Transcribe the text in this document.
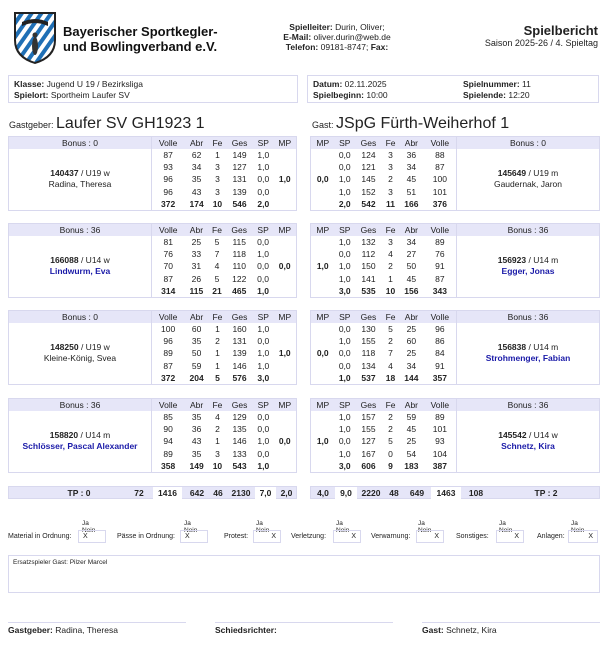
Bayerischer Sportkegler-
und Bowlingverband e.V.
Spielleiter: Durin, Oliver;
E-Mail: oliver.durin@web.de
Telefon: 09181-8747; Fax:
Spielbericht
Saison 2025-26 / 4. Spieltag
Klasse: Jugend U 19 / Bezirksliga
Spielort: Sportheim Laufer SV
Datum: 02.11.2025
Spielbeginn: 10:00
Spielnummer: 11
Spielende: 12:20
Gastgeber: Laufer SV GH1923 1	Gast: JSpG Fürth-Weiherhof 1
Bonus : 0	Volle	Abr	Fe	Ges	SP	MP

140437 / U19 w
Radina, Theresa	87	62	1	149	1,0	1,0
	93	34	3	127	1,0	
	96	35	3	131	0,0	
	96	43	3	139	0,0	
	372	174	10	546	2,0	
Bonus : 36	Volle	Abr	Fe	Ges	SP	MP

166088 / U14 w
Lindwurm, Eva	81	25	5	115	0,0	0,0
	76	33	7	118	1,0	
	70	31	4	110	0,0	
	87	26	5	122	0,0	
	314	115	21	465	1,0	
Bonus : 0	Volle	Abr	Fe	Ges	SP	MP

148250 / U19 w
Kleine-König, Svea	100	60	1	160	1,0	1,0
	96	35	2	131	0,0	
	89	50	1	139	1,0	
	87	59	1	146	1,0	
	372	204	5	576	3,0	
Bonus : 36	Volle	Abr	Fe	Ges	SP	MP

158820 / U14 m
Schlösser, Pascal Alexander	85	35	4	129	0,0	0,0
	90	36	2	135	0,0	
	94	43	1	146	1,0	
	89	35	3	133	0,0	
	358	149	10	543	1,0	
MP	SP	Ges	Fe	Abr	Volle	Bonus : 0
0,0	0,0	124	3	36	88	145649 / U19 m
Gaudernak, Jaron

	0,0	121	3	34	87	
	1,0	145	2	45	100	
	1,0	152	3	51	101	
	2,0	542	11	166	376	
MP	SP	Ges	Fe	Abr	Volle	Bonus : 36
1,0	1,0	132	3	34	89	156923 / U14 m
Egger, Jonas

	0,0	112	4	27	76	
	1,0	150	2	50	91	
	1,0	141	1	45	87	
	3,0	535	10	156	343	
MP	SP	Ges	Fe	Abr	Volle	Bonus : 36
0,0	0,0	130	5	25	96	156838 / U14 m
Strohmenger, Fabian

	1,0	155	2	60	86	
	0,0	118	7	25	84	
	0,0	134	4	34	91	
	1,0	537	18	144	357	
MP	SP	Ges	Fe	Abr	Volle	Bonus : 36
1,0	1,0	157	2	59	89	145542 / U14 w
Schnetz, Kira

	1,0	155	2	45	101	
	0,0	127	5	25	93	
	1,0	167	0	54	104	
	3,0	606	9	183	387	
TP : 0	72	1416	642	46	2130	7,0	2,0	4,0	9,0	2220	48	649	1463	108	TP : 2
Ja Nein
Material in Ordnung:	X
Ja Nein
Pässe in Ordnung:	X
Ja Nein
Protest:	X
Ja Nein
Verletzung:	X
Ja Nein
Verwarnung:	X
Ja Nein
Sonstiges:	X
Ja Nein
Anlagen:	X
Ersatzspieler Gast: Pilzer Marcel
Gastgeber: Radina, Theresa	Schiedsrichter:	Gast: Schnetz, Kira
